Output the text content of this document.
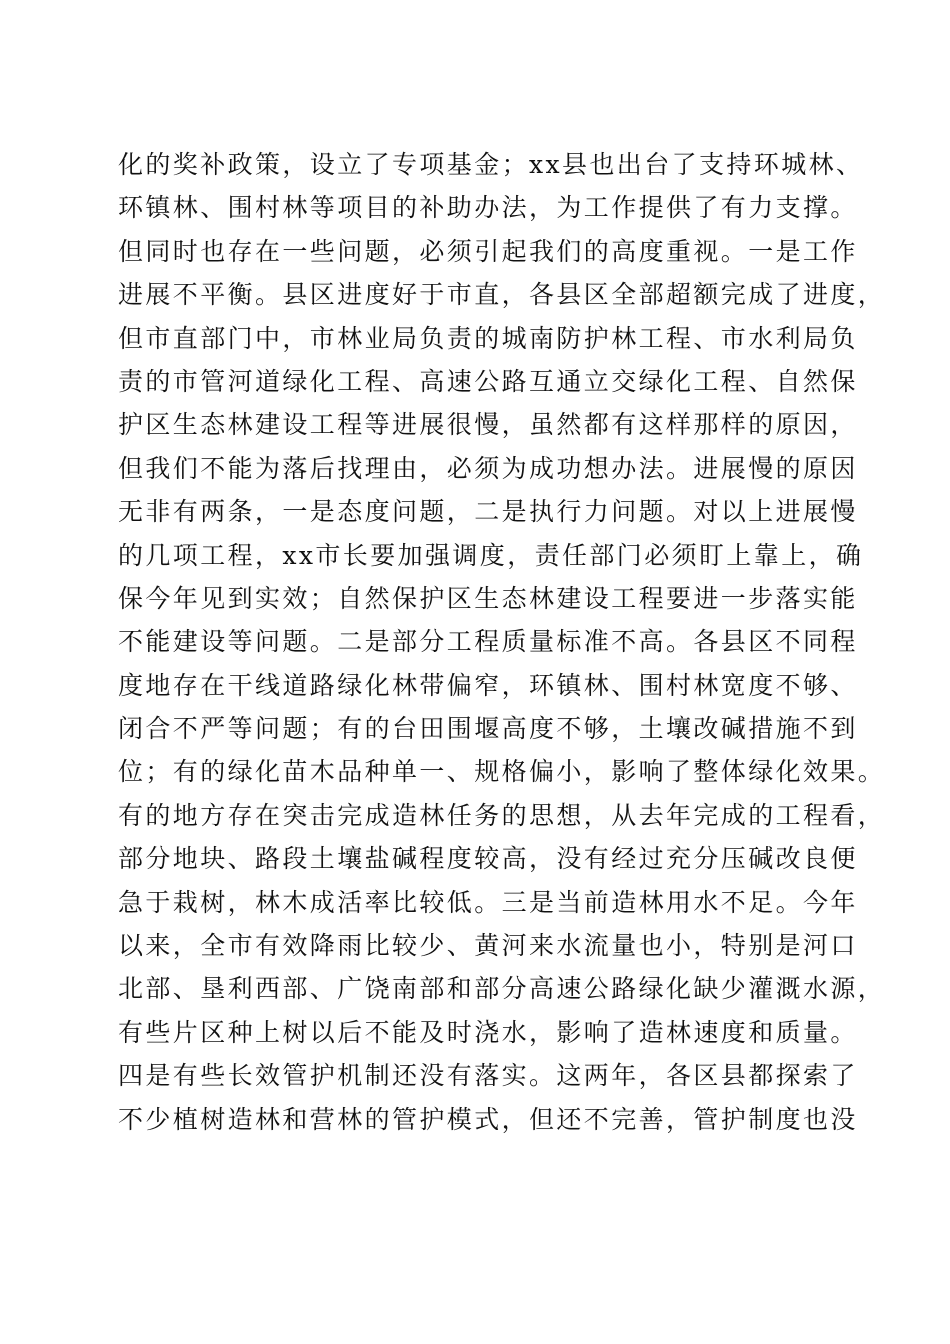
化的奖补政策，设立了专项基金；xx县也出台了支持环城林、
环镇林、围村林等项目的补助办法，为工作提供了有力支撑。
但同时也存在一些问题，必须引起我们的高度重视。一是工作
进展不平衡。县区进度好于市直，各县区全部超额完成了进度，
但市直部门中，市林业局负责的城南防护林工程、市水利局负
责的市管河道绿化工程、高速公路互通立交绿化工程、自然保
护区生态林建设工程等进展很慢，虽然都有这样那样的原因，
但我们不能为落后找理由，必须为成功想办法。进展慢的原因
无非有两条，一是态度问题，二是执行力问题。对以上进展慢
的几项工程，xx市长要加强调度，责任部门必须盯上靠上，确
保今年见到实效；自然保护区生态林建设工程要进一步落实能
不能建设等问题。二是部分工程质量标准不高。各县区不同程
度地存在干线道路绿化林带偏窄，环镇林、围村林宽度不够、
闭合不严等问题；有的台田围堰高度不够，土壤改碱措施不到
位；有的绿化苗木品种单一、规格偏小，影响了整体绿化效果。
有的地方存在突击完成造林任务的思想，从去年完成的工程看，
部分地块、路段土壤盐碱程度较高，没有经过充分压碱改良便
急于栽树，林木成活率比较低。三是当前造林用水不足。今年
以来，全市有效降雨比较少、黄河来水流量也小，特别是河口
北部、垦利西部、广饶南部和部分高速公路绿化缺少灌溉水源，
有些片区种上树以后不能及时浇水，影响了造林速度和质量。
四是有些长效管护机制还没有落实。这两年，各区县都探索了
不少植树造林和营林的管护模式，但还不完善，管护制度也没
